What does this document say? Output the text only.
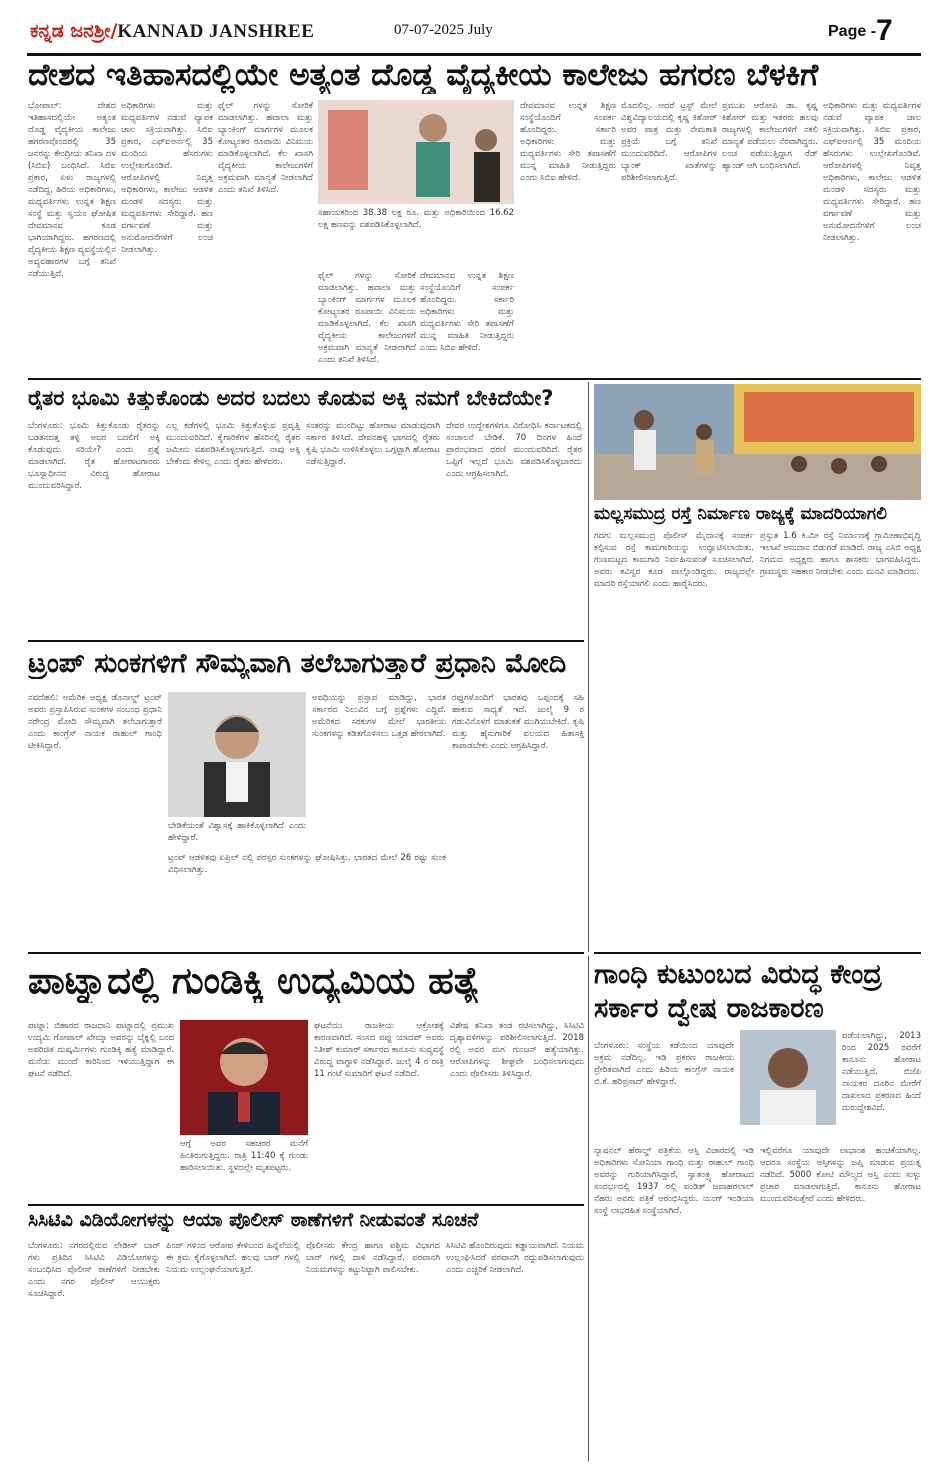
ಕನ್ನಡ ಜನಶ್ರೀ/KANNAD JANSHREE	07-07-2025 July	Page - 7
ದೇಶದ ಇತಿಹಾಸದಲ್ಲಿಯೇ ಅತ್ಯಂತ ದೊಡ್ಡ ವೈದ್ಯಕೀಯ ಕಾಲೇಜು ಹಗರಣ ಬೆಳಕಿಗೆ
ಭೋಪಾಲ್: ದೇಶದ ಇತಿಹಾಸದಲ್ಲಿಯೇ ಅತ್ಯಂತ ದೊಡ್ಡ ವೈದ್ಯಕೀಯ ಕಾಲೇಜು ಹಗರಣವೊಂದರಲ್ಲಿ 35 ಜನರನ್ನು ಕೇಂದ್ರೀಯ ತನಿಖಾ ದಳ (ಸಿಬಿಐ) ಬಂಧಿಸಿದೆ. ಸಿಬಿಐ ಪ್ರಕಾರ, ಏಳು ರಾಜ್ಯಗಳಲ್ಲಿ ನಡೆದಿದ್ದ, ಹಿರಿಯ ಅಧಿಕಾರಿಗಳು, ಮಧ್ಯವರ್ತಿಗಳು ಉನ್ನತ ಶಿಕ್ಷಣ ಸಂಸ್ಥೆ ಮತ್ತು ಸ್ವಯಂ ಘೋಷಿತ ದೇವಮಾನವ ಕೂಡ ಭಾಗಿಯಾಗಿದ್ದರು. ಹಗರಣದಲ್ಲಿ ವೈದ್ಯಕೀಯ ಶಿಕ್ಷಣ ವ್ಯವಸ್ಥೆಯಲ್ಲಿನ ಅವ್ಯವಹಾರಗಳ ಬಗ್ಗೆ ತನಿಖೆ ನಡೆಯುತ್ತಿದೆ.
ಅಧಿಕಾರಿಗಳು ಮತ್ತು ಮಧ್ಯವರ್ತಿಗಳ ನಡುವೆ ವ್ಯಾಪಕ ಜಾಲ ಸಕ್ರಿಯವಾಗಿತ್ತು. ಸಿಬಿಐ ಪ್ರಕಾರ, ಎಫ್ಐಆರ್ನಲ್ಲಿ 35 ಮಂದಿಯ ಹೆಸರುಗಳು ಉಲ್ಲೇಖಗೊಂಡಿವೆ. ಆರೋಪಿಗಳಲ್ಲಿ ನಿವೃತ್ತ ಅಧಿಕಾರಿಗಳು, ಕಾಲೇಜು ಆಡಳಿತ ಮಂಡಳಿ ಸದಸ್ಯರು ಮತ್ತು ಮಧ್ಯವರ್ತಿಗಳು ಸೇರಿದ್ದಾರೆ. ಹಣ ವರ್ಗಾವಣೆ ಮತ್ತು ಅನುಮೋದನೆಗಳಿಗೆ ಲಂಚ ನೀಡಲಾಗಿತ್ತು.
ಫೈಲ್ ಗಳನ್ನು ಸೋರಿಕೆ ಮಾಡಲಾಗಿತ್ತು. ಹವಾಲಾ ಮತ್ತು ಬ್ಯಾಂಕಿಂಗ್ ಮಾರ್ಗಗಳ ಮೂಲಕ ಕೋಟ್ಯಂತರ ರೂಪಾಯಿ ವಿನಿಮಯ ಮಾಡಿಕೊಳ್ಳಲಾಗಿದೆ. ಕೆಲ ಖಾಸಗಿ ವೈದ್ಯಕೀಯ ಕಾಲೇಜುಗಳಿಗೆ ಅಕ್ರಮವಾಗಿ ಮಾನ್ಯತೆ ನೀಡಲಾಗಿದೆ ಎಂದು ತನಿಖೆ ತಿಳಿಸಿದೆ.
ಸಹಾಯಕರಿಂದ 38.38 ಲಕ್ಷ ರೂ. ಮತ್ತು ಅಧಿಕಾರಿಯಿಂದ 16.62 ಲಕ್ಷ ಹಣವನ್ನು ವಶಪಡಿಸಿಕೊಳ್ಳಲಾಗಿದೆ.
ಫೈಲ್ ಗಳನ್ನು ಸೋರಿಕೆ ಮಾಡಲಾಗಿತ್ತು. ಹವಾಲಾ ಮತ್ತು ಬ್ಯಾಂಕಿಂಗ್ ಮಾರ್ಗಗಳ ಮೂಲಕ ಕೋಟ್ಯಂತರ ರೂಪಾಯಿ ವಿನಿಮಯ ಮಾಡಿಕೊಳ್ಳಲಾಗಿದೆ. ಕೆಲ ಖಾಸಗಿ ವೈದ್ಯಕೀಯ ಕಾಲೇಜುಗಳಿಗೆ ಅಕ್ರಮವಾಗಿ ಮಾನ್ಯತೆ ನೀಡಲಾಗಿದೆ ಎಂದು ತನಿಖೆ ತಿಳಿಸಿದೆ.
ದೇವಮಾನವ ಉನ್ನತ ಶಿಕ್ಷಣ ಸಂಸ್ಥೆಯೊಂದಿಗೆ ಸಂಪರ್ಕ ಹೊಂದಿದ್ದರು. ಸರ್ಕಾರಿ ಅಧಿಕಾರಿಗಳು ಮತ್ತು ಮಧ್ಯವರ್ತಿಗಳು ಸೇರಿ ತಪಾಸಣೆಗೆ ಮುನ್ನ ಮಾಹಿತಿ ನೀಡುತ್ತಿದ್ದರು ಎಂದು ಸಿಬಿಐ ಹೇಳಿದೆ.
ದೇವಮಾನವ ಉನ್ನತ ಶಿಕ್ಷಣ ಸಂಸ್ಥೆಯೊಂದಿಗೆ ಸಂಪರ್ಕ ಹೊಂದಿದ್ದರು. ಸರ್ಕಾರಿ ಅಧಿಕಾರಿಗಳು ಮತ್ತು ಮಧ್ಯವರ್ತಿಗಳು ಸೇರಿ ತಪಾಸಣೆಗೆ ಮುನ್ನ ಮಾಹಿತಿ ನೀಡುತ್ತಿದ್ದರು ಎಂದು ಸಿಬಿಐ ಹೇಳಿದೆ.
ಮೊದಲಿಲ್ಲ. ಆದರೆ ಟ್ರಸ್ಟ್ ಮೇಲೆ ವಿಶ್ವವಿದ್ಯಾಲಯದಲ್ಲಿ ಕೃಷ್ಣ ಕಿಶೋರ್ ಅವರ ಪಾತ್ರ ಮತ್ತು ನೇಮಕಾತಿ ಪ್ರಕ್ರಿಯೆ ಬಗ್ಗೆ ತನಿಖೆ ಮುಂದುವರಿದಿದೆ. ಆರೋಪಿಗಳ ಬ್ಯಾಂಕ್ ಖಾತೆಗಳನ್ನು ಪರಿಶೀಲಿಸಲಾಗುತ್ತಿದೆ.
ಪ್ರಮುಖ ಆರೋಪಿ ಡಾ. ಕೃಷ್ಣ ಕಿಶೋರ್ ಮತ್ತು ಇತರರು ಹಲವು ರಾಜ್ಯಗಳಲ್ಲಿ ಕಾಲೇಜುಗಳಿಗೆ ನಕಲಿ ಮಾನ್ಯತೆ ಪಡೆಯಲು ನೆರವಾಗಿದ್ದರು. ಲಂಚ ಪಡೆಯುತ್ತಿದ್ದಾಗ ರೆಡ್ ಹ್ಯಾಂಡ್ ಆಗಿ ಬಂಧಿಸಲಾಗಿದೆ.
ಅಧಿಕಾರಿಗಳು ಮತ್ತು ಮಧ್ಯವರ್ತಿಗಳ ನಡುವೆ ವ್ಯಾಪಕ ಜಾಲ ಸಕ್ರಿಯವಾಗಿತ್ತು. ಸಿಬಿಐ ಪ್ರಕಾರ, ಎಫ್ಐಆರ್ನಲ್ಲಿ 35 ಮಂದಿಯ ಹೆಸರುಗಳು ಉಲ್ಲೇಖಗೊಂಡಿವೆ. ಆರೋಪಿಗಳಲ್ಲಿ ನಿವೃತ್ತ ಅಧಿಕಾರಿಗಳು, ಕಾಲೇಜು ಆಡಳಿತ ಮಂಡಳಿ ಸದಸ್ಯರು ಮತ್ತು ಮಧ್ಯವರ್ತಿಗಳು ಸೇರಿದ್ದಾರೆ. ಹಣ ವರ್ಗಾವಣೆ ಮತ್ತು ಅನುಮೋದನೆಗಳಿಗೆ ಲಂಚ ನೀಡಲಾಗಿತ್ತು.
ರೈತರ ಭೂಮಿ ಕಿತ್ತುಕೊಂಡು ಅದರ ಬದಲು ಕೊಡುವ ಅಕ್ಕಿ ನಮಗೆ ಬೇಕಿದೆಯೇ?
ಬೆಂಗಳೂರು: ಭೂಮಿ ಕಿತ್ತುಕೊಂಡು ರೈತರನ್ನು ಬಡತನದತ್ತ ತಳ್ಳಿ ಅದರ ಬದಲಿಗೆ ಅಕ್ಕಿ ಕೊಡುವುದು ಸರಿಯೇ? ಎಂದು ಪ್ರಶ್ನೆ ಮಾಡಲಾಗಿದೆ. ರೈತ ಹೋರಾಟಗಾರರು ಭೂಸ್ವಾಧೀನದ ವಿರುದ್ಧ ಹೋರಾಟ ಮುಂದುವರಿಸಿದ್ದಾರೆ.
ಎಲ್ಲ ಕಡೆಗಳಲ್ಲಿ ಭೂಮಿ ಕಿತ್ತುಕೊಳ್ಳುವ ಪ್ರವೃತ್ತಿ ಮುಂದುವರಿದಿದೆ. ಕೈಗಾರಿಕೆಗಳ ಹೆಸರಿನಲ್ಲಿ ರೈತರ ಜಮೀನು ವಶಪಡಿಸಿಕೊಳ್ಳಲಾಗುತ್ತಿದೆ. ನಾವು ಅಕ್ಕಿ ಬೇಕೆಂದು ಕೇಳಿಲ್ಲ ಎಂದು ರೈತರು ಹೇಳಿದರು.
ಸಂತರನ್ನು ಮುಂದಿಟ್ಟು ಹೋರಾಟ ಮಾಡುವುದಾಗಿ ಸರ್ಕಾರ ತಿಳಿಸಿದೆ. ದೇವನಹಳ್ಳಿ ಭಾಗದಲ್ಲಿ ರೈತರು ಕೃಷಿ ಭೂಮಿ ಉಳಿಸಿಕೊಳ್ಳಲು ಒಗ್ಗಟ್ಟಾಗಿ ಹೋರಾಟ ನಡೆಸುತ್ತಿದ್ದಾರೆ.
ದೇವರ ಉದ್ದೇಶಗಳಿಗೂ ವಿರೋಧಿಸಿ ಕರ್ನಾಟಕದಲ್ಲಿ ಸಂಚಾಲನೆ ಬೇಡಿಕೆ. 70 ದಿನಗಳ ಹಿಂದೆ ಪ್ರಾರಂಭವಾದ ಧರಣಿ ಮುಂದುವರಿದಿದೆ. ರೈತರ ಒಪ್ಪಿಗೆ ಇಲ್ಲದೆ ಭೂಮಿ ವಶಪಡಿಸಿಕೊಳ್ಳಬಾರದು ಎಂದು ಆಗ್ರಹಿಸಲಾಗಿದೆ.
ಮಲ್ಲಸಮುದ್ರ ರಸ್ತೆ ನಿರ್ಮಾಣ ರಾಜ್ಯಕ್ಕೆ ಮಾದರಿಯಾಗಲಿ
ಗದಗ: ಮಲ್ಲಸಮುದ್ರ ಪೊಲೀಸ್ ಮೈದಾನಕ್ಕೆ ಸಂಪರ್ಕ ಕಲ್ಪಿಸುವ ರಸ್ತೆ ಕಾಮಗಾರಿಯನ್ನು ಉದ್ಘಾಟಿಸಲಾಯಿತು. ಗುಣಮಟ್ಟದ ಕಾಮಗಾರಿ ನಿರ್ವಹಿಸುವಂತೆ ಸೂಚಿಸಲಾಗಿದೆ. ಅವರು ಕವಿಸ್ವರ ಕೂಡ ಪಾಲ್ಗೊಂಡಿದ್ದರು. ರಾಜ್ಯದಲ್ಲೇ ಮಾದರಿ ರಸ್ತೆಯಾಗಲಿ ಎಂದು ಹಾರೈಸಿದರು.
ಪ್ರಸ್ತುತ 1.6 ಕಿ.ಮೀ ರಸ್ತೆ ನಿರ್ಮಾಣಕ್ಕೆ ಗ್ರಾಮೀಣಾಭಿವೃದ್ಧಿ ಇಲಾಖೆ ಅನುದಾನ ಬಿಡುಗಡೆ ಮಾಡಿದೆ. ರಾಜ್ಯ ಎಸಿಬಿ ಅಧ್ಯಕ್ಷ ನಿಗಮದ ಅಧ್ಯಕ್ಷರು ಹಾಗೂ ಶಾಸಕರು ಭಾಗವಹಿಸಿದ್ದರು. ಗ್ರಾಮಸ್ಥರು ಸಹಕಾರ ನೀಡಬೇಕು ಎಂದು ಮನವಿ ಮಾಡಿದರು.
ಟ್ರಂಪ್ ಸುಂಕಗಳಿಗೆ ಸೌಮ್ಯವಾಗಿ ತಲೆಬಾಗುತ್ತಾರೆ ಪ್ರಧಾನಿ ಮೋದಿ
ನವದೆಹಲಿ: ಅಮೆರಿಕ ಅಧ್ಯಕ್ಷ ಡೊನಾಲ್ಡ್ ಟ್ರಂಪ್ ಅವರು ಪ್ರಸ್ತಾಪಿಸಿರುವ ಸುಂಕಗಳ ಸಂಬಂಧ ಪ್ರಧಾನಿ ನರೇಂದ್ರ ಮೋದಿ ಸೌಮ್ಯವಾಗಿ ತಲೆಬಾಗುತ್ತಾರೆ ಎಂದು ಕಾಂಗ್ರೆಸ್ ನಾಯಕ ರಾಹುಲ್ ಗಾಂಧಿ ಟೀಕಿಸಿದ್ದಾರೆ.
ಅವಧಿಯನ್ನು ಪ್ರಸ್ತಾಪ ಮಾಡಿದ್ದು, ಭಾರತ ಸರ್ಕಾರದ ನಿಲುವಿನ ಬಗ್ಗೆ ಪ್ರಶ್ನೆಗಳು ಎದ್ದಿವೆ. ಅಮೆರಿಕದ ಸರಕುಗಳ ಮೇಲೆ ಭಾರತೀಯ ಸುಂಕಗಳನ್ನು ಕಡಿತಗೊಳಿಸಲು ಒತ್ತಡ ಹೇರಲಾಗಿದೆ.
ಬೇಡಿಕೆಯಂತೆ ವಿಶ್ವಾಸಕ್ಕೆ ಹಾಕಿಕೊಳ್ಳಲಾಗಿದೆ ಎಂದು ಹೇಳಿದ್ದಾರೆ.
ಟ್ರಂಪ್ ಆಡಳಿತವು ಏಪ್ರಿಲ್ ನಲ್ಲಿ ಪರಸ್ಪರ ಸುಂಕಗಳನ್ನು ಘೋಷಿಸಿತ್ತು. ಭಾರತದ ಮೇಲೆ 26 ರಷ್ಟು ಸುಂಕ ವಿಧಿಸಲಾಗಿತ್ತು.
ರಫ್ತುಗಳೊಂದಿಗೆ ಭಾರತವು ಒಪ್ಪಂದಕ್ಕೆ ಸಹಿ ಹಾಕುವ ಸಾಧ್ಯತೆ ಇದೆ. ಜುಲೈ 9 ರ ಗಡುವಿನೊಳಗೆ ಮಾತುಕತೆ ಮುಗಿಯಬೇಕಿದೆ. ಕೃಷಿ ಮತ್ತು ಹೈನುಗಾರಿಕೆ ವಲಯದ ಹಿತಾಸಕ್ತಿ ಕಾಪಾಡಬೇಕು ಎಂದು ಆಗ್ರಹಿಸಿದ್ದಾರೆ.
ಪಾಟ್ನಾದಲ್ಲಿ ಗುಂಡಿಕ್ಕಿ ಉದ್ಯಮಿಯ ಹತ್ಯೆ
ಪಾಟ್ನಾ: ಬಿಹಾರದ ರಾಜಧಾನಿ ಪಾಟ್ನಾದಲ್ಲಿ ಪ್ರಮುಖ ಉದ್ಯಮಿ ಗೋಪಾಲ್ ಖೇಮ್ಕಾ ಅವರನ್ನು ಬೈಕ್ನಲ್ಲಿ ಬಂದ ಅಪರಿಚಿತ ದುಷ್ಕರ್ಮಿಗಳು ಗುಂಡಿಕ್ಕಿ ಹತ್ಯೆ ಮಾಡಿದ್ದಾರೆ. ಮನೆಯ ಮುಂದೆ ಕಾರಿನಿಂದ ಇಳಿಯುತ್ತಿದ್ದಾಗ ಈ ಘಟನೆ ನಡೆದಿದೆ.
ಆಗ್ಗೆ ಅವರ ಸಹಚರರ ಮನೆಗೆ ಹಿಂತಿರುಗುತ್ತಿದ್ದರು. ರಾತ್ರಿ 11:40 ಕ್ಕೆ ಗುಂಡು ಹಾರಿಸಲಾಯಿತು. ಸ್ಥಳದಲ್ಲೇ ಮೃತಪಟ್ಟರು.
ಘಟನೆಯು ರಾಜಕೀಯ ಆಕ್ರೋಶಕ್ಕೆ ಕಾರಣವಾಗಿದೆ. ಸಂಸದ ಪಪ್ಪು ಯಾದವ್ ಅವರು ನಿತೀಶ್ ಕುಮಾರ್ ಸರ್ಕಾರದ ಕಾನೂನು ಸುವ್ಯವಸ್ಥೆ ವಿರುದ್ಧ ವಾಗ್ದಾಳಿ ನಡೆಸಿದ್ದಾರೆ. ಜುಲೈ 4 ರ ರಾತ್ರಿ 11 ಗಂಟೆ ಸುಮಾರಿಗೆ ಘಟನೆ ನಡೆದಿದೆ.
ವಿಶೇಷ ತನಿಖಾ ತಂಡ ರಚಿಸಲಾಗಿದ್ದು, ಸಿಸಿಟಿವಿ ದೃಶ್ಯಾವಳಿಗಳನ್ನು ಪರಿಶೀಲಿಸಲಾಗುತ್ತಿದೆ. 2018 ರಲ್ಲಿ ಅವರ ಮಗ ಗುಂಜನ್ ಹತ್ಯೆಯಾಗಿತ್ತು. ಆರೋಪಿಗಳನ್ನು ಶೀಘ್ರವೇ ಬಂಧಿಸಲಾಗುವುದು ಎಂದು ಪೊಲೀಸರು ತಿಳಿಸಿದ್ದಾರೆ.
ಗಾಂಧಿ ಕುಟುಂಬದ ವಿರುದ್ಧ ಕೇಂದ್ರ ಸರ್ಕಾರ ದ್ವೇಷ ರಾಜಕಾರಣ
ಬೆಂಗಳೂರು: ಸಂಸ್ಥೆಯ ಕಡೆಯಿಂದ ಯಾವುದೇ ಅಕ್ರಮ ನಡೆದಿಲ್ಲ. ಇಡಿ ಪ್ರಕರಣ ರಾಜಕೀಯ ಪ್ರೇರಿತವಾಗಿದೆ ಎಂದು ಹಿರಿಯ ಕಾಂಗ್ರೆಸ್ ನಾಯಕ ಬಿ.ಕೆ. ಹರಿಪ್ರಸಾದ್ ಹೇಳಿದ್ದಾರೆ.
ಪಡೆಯಲಾಗಿದ್ದು, 2013 ರಿಂದ 2025 ರವರೆಗೆ ಕಾನೂನು ಹೋರಾಟ ನಡೆಯುತ್ತಿದೆ. ಬಿಜೆಪಿ ನಾಯಕರ ದೂರಿನ ಮೇರೆಗೆ ದಾಖಲಾದ ಪ್ರಕರಣದ ಹಿಂದೆ ದುರುದ್ದೇಶವಿದೆ.
ನ್ಯಾಷನಲ್ ಹೆರಾಲ್ಡ್ ಪತ್ರಿಕೆಯ ಆಸ್ತಿ ವಿಚಾರದಲ್ಲಿ ಇಡಿ ಅಧಿಕಾರಿಗಳು ಸೋನಿಯಾ ಗಾಂಧಿ ಮತ್ತು ರಾಹುಲ್ ಗಾಂಧಿ ಅವರನ್ನು ಗುರಿಯಾಗಿಸಿದ್ದಾರೆ. ಸ್ವಾತಂತ್ರ್ಯ ಹೋರಾಟದ ಸಂದರ್ಭದಲ್ಲಿ 1937 ರಲ್ಲಿ ಪಂಡಿತ್ ಜವಾಹರಲಾಲ್ ನೆಹರು ಅವರು ಪತ್ರಿಕೆ ಆರಂಭಿಸಿದ್ದರು. ಯಂಗ್ ಇಂಡಿಯಾ ಸಂಸ್ಥೆ ಲಾಭರಹಿತ ಸಂಸ್ಥೆಯಾಗಿದೆ.
ಇಲ್ಲಿವರೆಗೂ ಯಾವುದೇ ಲಾಭಾಂಶ ಹಂಚಿಕೆಯಾಗಿಲ್ಲ. ಆದರೂ ಸಂಸ್ಥೆಯ ಆಸ್ತಿಗಳನ್ನು ಜಪ್ತಿ ಮಾಡುವ ಪ್ರಯತ್ನ ನಡೆದಿದೆ. 5000 ಕೋಟಿ ಮೌಲ್ಯದ ಆಸ್ತಿ ಎಂದು ಸುಳ್ಳು ಪ್ರಚಾರ ಮಾಡಲಾಗುತ್ತಿದೆ. ಕಾನೂನು ಹೋರಾಟ ಮುಂದುವರಿಸುತ್ತೇವೆ ಎಂದು ಹೇಳಿದರು.
ಸಿಸಿಟಿವಿ ವಿಡಿಯೋಗಳನ್ನು ಆಯಾ ಪೊಲೀಸ್ ಠಾಣೆಗಳಿಗೆ ನೀಡುವಂತೆ ಸೂಚನೆ
ಬೆಂಗಳೂರು: ನಗರದಲ್ಲಿರುವ ಲೇಡೀಸ್ ಬಾರ್ ಗಳು ಪ್ರತಿದಿನ ಸಿಸಿಟಿವಿ ವಿಡಿಯೋಗಳನ್ನು ಸಂಬಂಧಿಸಿದ ಪೊಲೀಸ್ ಠಾಣೆಗಳಿಗೆ ನೀಡಬೇಕು ಎಂದು ನಗರ ಪೊಲೀಸ್ ಆಯುಕ್ತರು ಸೂಚಿಸಿದ್ದಾರೆ.
ಪಿಂಪ್ ಗಳಿಂದ ಆರೋಪ ಕೇಳಿಬಂದ ಹಿನ್ನೆಲೆಯಲ್ಲಿ ಈ ಕ್ರಮ ಕೈಗೊಳ್ಳಲಾಗಿದೆ. ಹಲವು ಬಾರ್ ಗಳಲ್ಲಿ ನಿಯಮ ಉಲ್ಲಂಘನೆಯಾಗುತ್ತಿದೆ.
ಪೊಲೀಸರು ಕೇಂದ್ರ ಹಾಗೂ ಪಶ್ಚಿಮ ವಿಭಾಗದ ಬಾರ್ ಗಳಲ್ಲಿ ದಾಳಿ ನಡೆಸಿದ್ದಾರೆ. ಪರವಾನಗಿ ನಿಯಮಗಳನ್ನು ಕಟ್ಟುನಿಟ್ಟಾಗಿ ಪಾಲಿಸಬೇಕು.
ಸಿಸಿಟಿವಿ ಹೊಂದಿರುವುದು ಕಡ್ಡಾಯವಾಗಿದೆ. ನಿಯಮ ಉಲ್ಲಂಘಿಸಿದರೆ ಪರವಾನಗಿ ರದ್ದುಪಡಿಸಲಾಗುವುದು ಎಂದು ಎಚ್ಚರಿಕೆ ನೀಡಲಾಗಿದೆ.
